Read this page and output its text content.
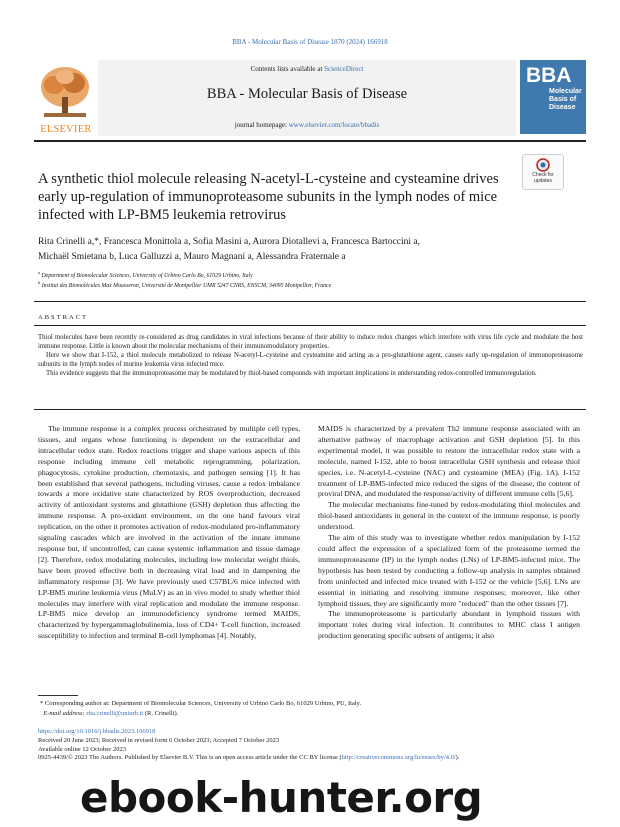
BBA - Molecular Basis of Disease 1870 (2024) 166918
ELSEVIER
Contents lists available at ScienceDirect
BBA - Molecular Basis of Disease
journal homepage: www.elsevier.com/locate/bbadis
BBA
Molecular Basis of Disease
Check for updates
A synthetic thiol molecule releasing N-acetyl-L-cysteine and cysteamine drives early up-regulation of immunoproteasome subunits in the lymph nodes of mice infected with LP-BM5 leukemia retrovirus
Rita Crinelli a,*, Francesca Monittola a, Sofia Masini a, Aurora Diotallevi a, Francesca Bartoccini a,
Michaël Smietana b, Luca Galluzzi a, Mauro Magnani a, Alessandra Fraternale a
$^a$ Department of Biomolecular Sciences, University of Urbino Carlo Bo, 61029 Urbino, Italy
$^b$ Institut des Biomolécules Max Mousseron, Université de Montpellier UMR 5247 CNRS, ENSCM, 34095 Montpellier, France
ABSTRACT

Thiol molecules have been recently re-considered as drug candidates in viral infections because of their ability to induce redox changes which interfere with virus life cycle and modulate the host immune response. Little is known about the molecular mechanisms of their immunomodulatory properties.

Here we show that I-152, a thiol molecule metabolized to release N-acetyl-L-cysteine and cysteamine and acting as a pro-glutathione agent, causes early up-regulation of immunoproteasome subunits in the lymph nodes of murine leukemia virus infected mice.

This evidence suggests that the immunoproteasome may be modulated by thiol-based compounds with important implications in understanding redox-controlled immunoregulation.

The immune response is a complex process orchestrated by multiple cell types, tissues, and organs whose functioning is dependent on the extracellular and intracellular redox state. Redox reactions trigger and shape various aspects of this response including immune cell metabolic reprogramming, polarization, phagocytosis, cytokine production, chemotaxis, and pathogen sensing [1]. It has been established that several pathogens, including viruses, cause a redox imbalance towards a more oxidative state characterized by ROS overproduction, decreased activity of antioxidant systems and glutathione (GSH) depletion thus affecting the immune response. A pro-oxidant environment, on the one hand favours viral replication, on the other it promotes activation of redox-modulated pro-inflammatory signaling cascades which are involved in the activation of the innate immune response but, if uncontrolled, can cause systemic inflammation and tissue damage [2]. Therefore, redox modulating molecules, including low molecular weight thiols, have been proved effective both in decreasing viral load and in dampening the inflammatory response [3]. We have previously used C57BL/6 mice infected with LP-BM5 murine leukemia virus (MuLV) as an in vivo model to study whether thiol molecules may interfere with viral replication and modulate the immune response. LP-BM5 mice develop an immunodeficiency syndrome termed MAIDS, characterized by hypergammaglobulinemia, loss of CD4+ T-cell function, increased susceptibility to infection and terminal B-cell lymphomas [4]. Notably,

MAIDS is characterized by a prevalent Th2 immune response associated with an alternative pathway of macrophage activation and GSH depletion [5]. In this experimental model, it was possible to restore the intracellular redox state with a molecule, named I-152, able to boost intracellular GSH synthesis and release thiol species, i.e. N-acetyl-L-cysteine (NAC) and cysteamine (MEA) (Fig. 1A). I-152 treatment of LP-BM5-infected mice reduced the signs of the disease, the content of proviral DNA, and modulated the response/activity of different immune cells [5,6].

The molecular mechanisms fine-tuned by redox-modulating thiol molecules and thiol-based antioxidants in general in the context of the immune response, is poorly understood.

The aim of this study was to investigate whether redox manipulation by I-152 could affect the expression of a specialized form of the proteasome termed the immunoproteasome (IP) in the lymph nodes (LNs) of LP-BM5-infected mice. The hypothesis has been tested by conducting a follow-up analysis in samples obtained from uninfected and infected mice treated with I-152 or the vehicle [5,6]. LNs are essential in initiating and resolving immune responses; moreover, like other lymphoid tissues, they are significantly more "reduced" than the other tissues [7].

The immunoproteasome is particularly abundant in lymphoid tissues with important roles during viral infection. It contributes to MHC class I antigen production generating specific subsets of antigens; it also

* Corresponding author at: Department of Biomolecular Sciences, University of Urbino Carlo Bo, 61029 Urbino, PU, Italy.
E-mail address: rita.crinelli@uniurb.it (R. Crinelli).
https://doi.org/10.1016/j.bbadis.2023.166918
Received 20 June 2023; Received in revised form 6 October 2023; Accepted 7 October 2023
Available online 12 October 2023
0925-4439/© 2023 The Authors. Published by Elsevier B.V. This is an open access article under the CC BY license (http://creativecommons.org/licenses/by/4.0/).
ebook-hunter.org
